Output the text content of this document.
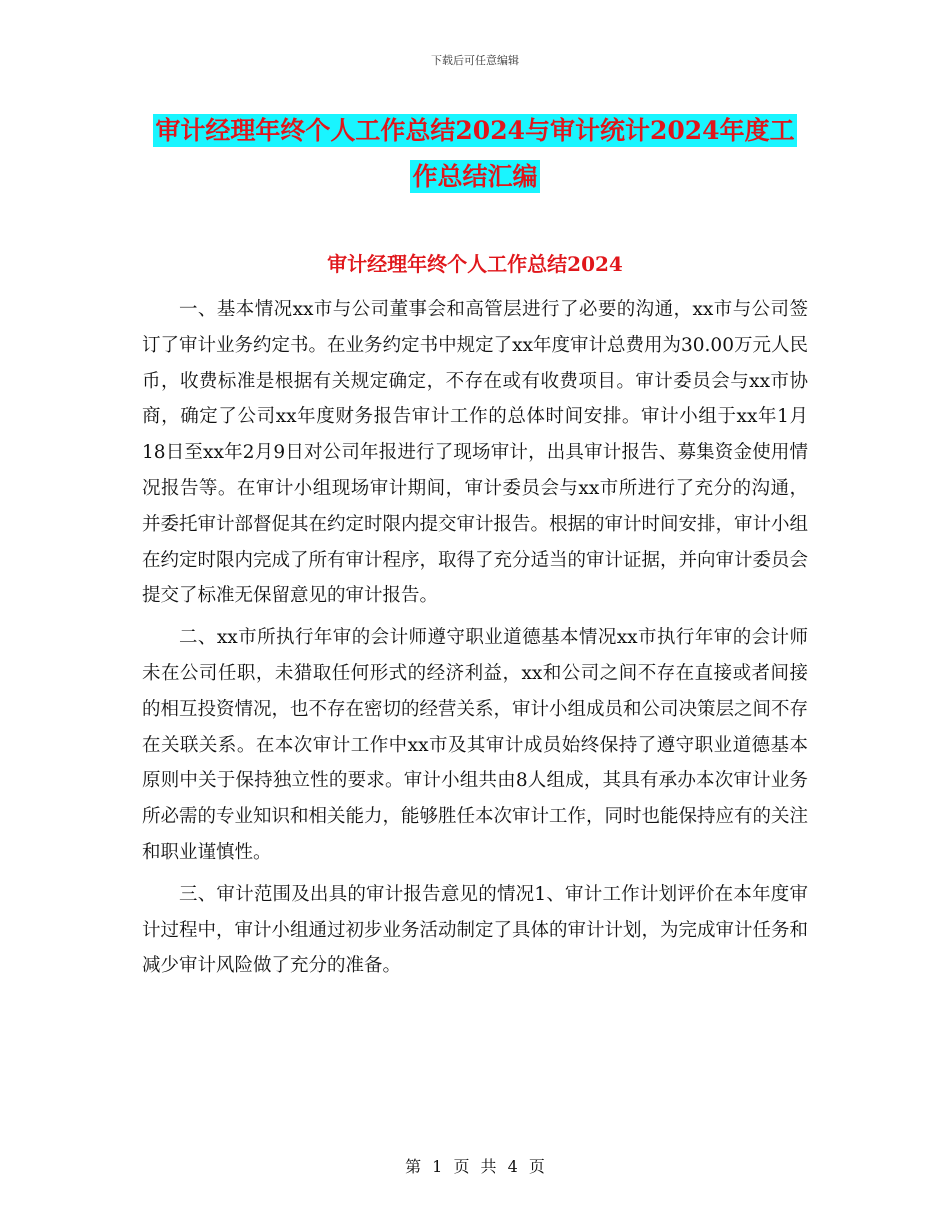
下载后可任意编辑
审计经理年终个人工作总结2024与审计统计2024年度工作总结汇编
审计经理年终个人工作总结2024

一、基本情况xx市与公司董事会和高管层进行了必要的沟通，xx市与公司签订了审计业务约定书。在业务约定书中规定了xx年度审计总费用为30.00万元人民币，收费标准是根据有关规定确定，不存在或有收费项目。审计委员会与xx市协商，确定了公司xx年度财务报告审计工作的总体时间安排。审计小组于xx年1月18日至xx年2月9日对公司年报进行了现场审计，出具审计报告、募集资金使用情况报告等。在审计小组现场审计期间，审计委员会与xx市所进行了充分的沟通，并委托审计部督促其在约定时限内提交审计报告。根据的审计时间安排，审计小组在约定时限内完成了所有审计程序，取得了充分适当的审计证据，并向审计委员会提交了标准无保留意见的审计报告。

二、xx市所执行年审的会计师遵守职业道德基本情况xx市执行年审的会计师未在公司任职，未猎取任何形式的经济利益，xx和公司之间不存在直接或者间接的相互投资情况，也不存在密切的经营关系，审计小组成员和公司决策层之间不存在关联关系。在本次审计工作中xx市及其审计成员始终保持了遵守职业道德基本原则中关于保持独立性的要求。审计小组共由8人组成，其具有承办本次审计业务所必需的专业知识和相关能力，能够胜任本次审计工作，同时也能保持应有的关注和职业谨慎性。

三、审计范围及出具的审计报告意见的情况1、审计工作计划评价在本年度审计过程中，审计小组通过初步业务活动制定了具体的审计计划，为完成审计任务和减少审计风险做了充分的准备。

第 1 页 共 4 页
